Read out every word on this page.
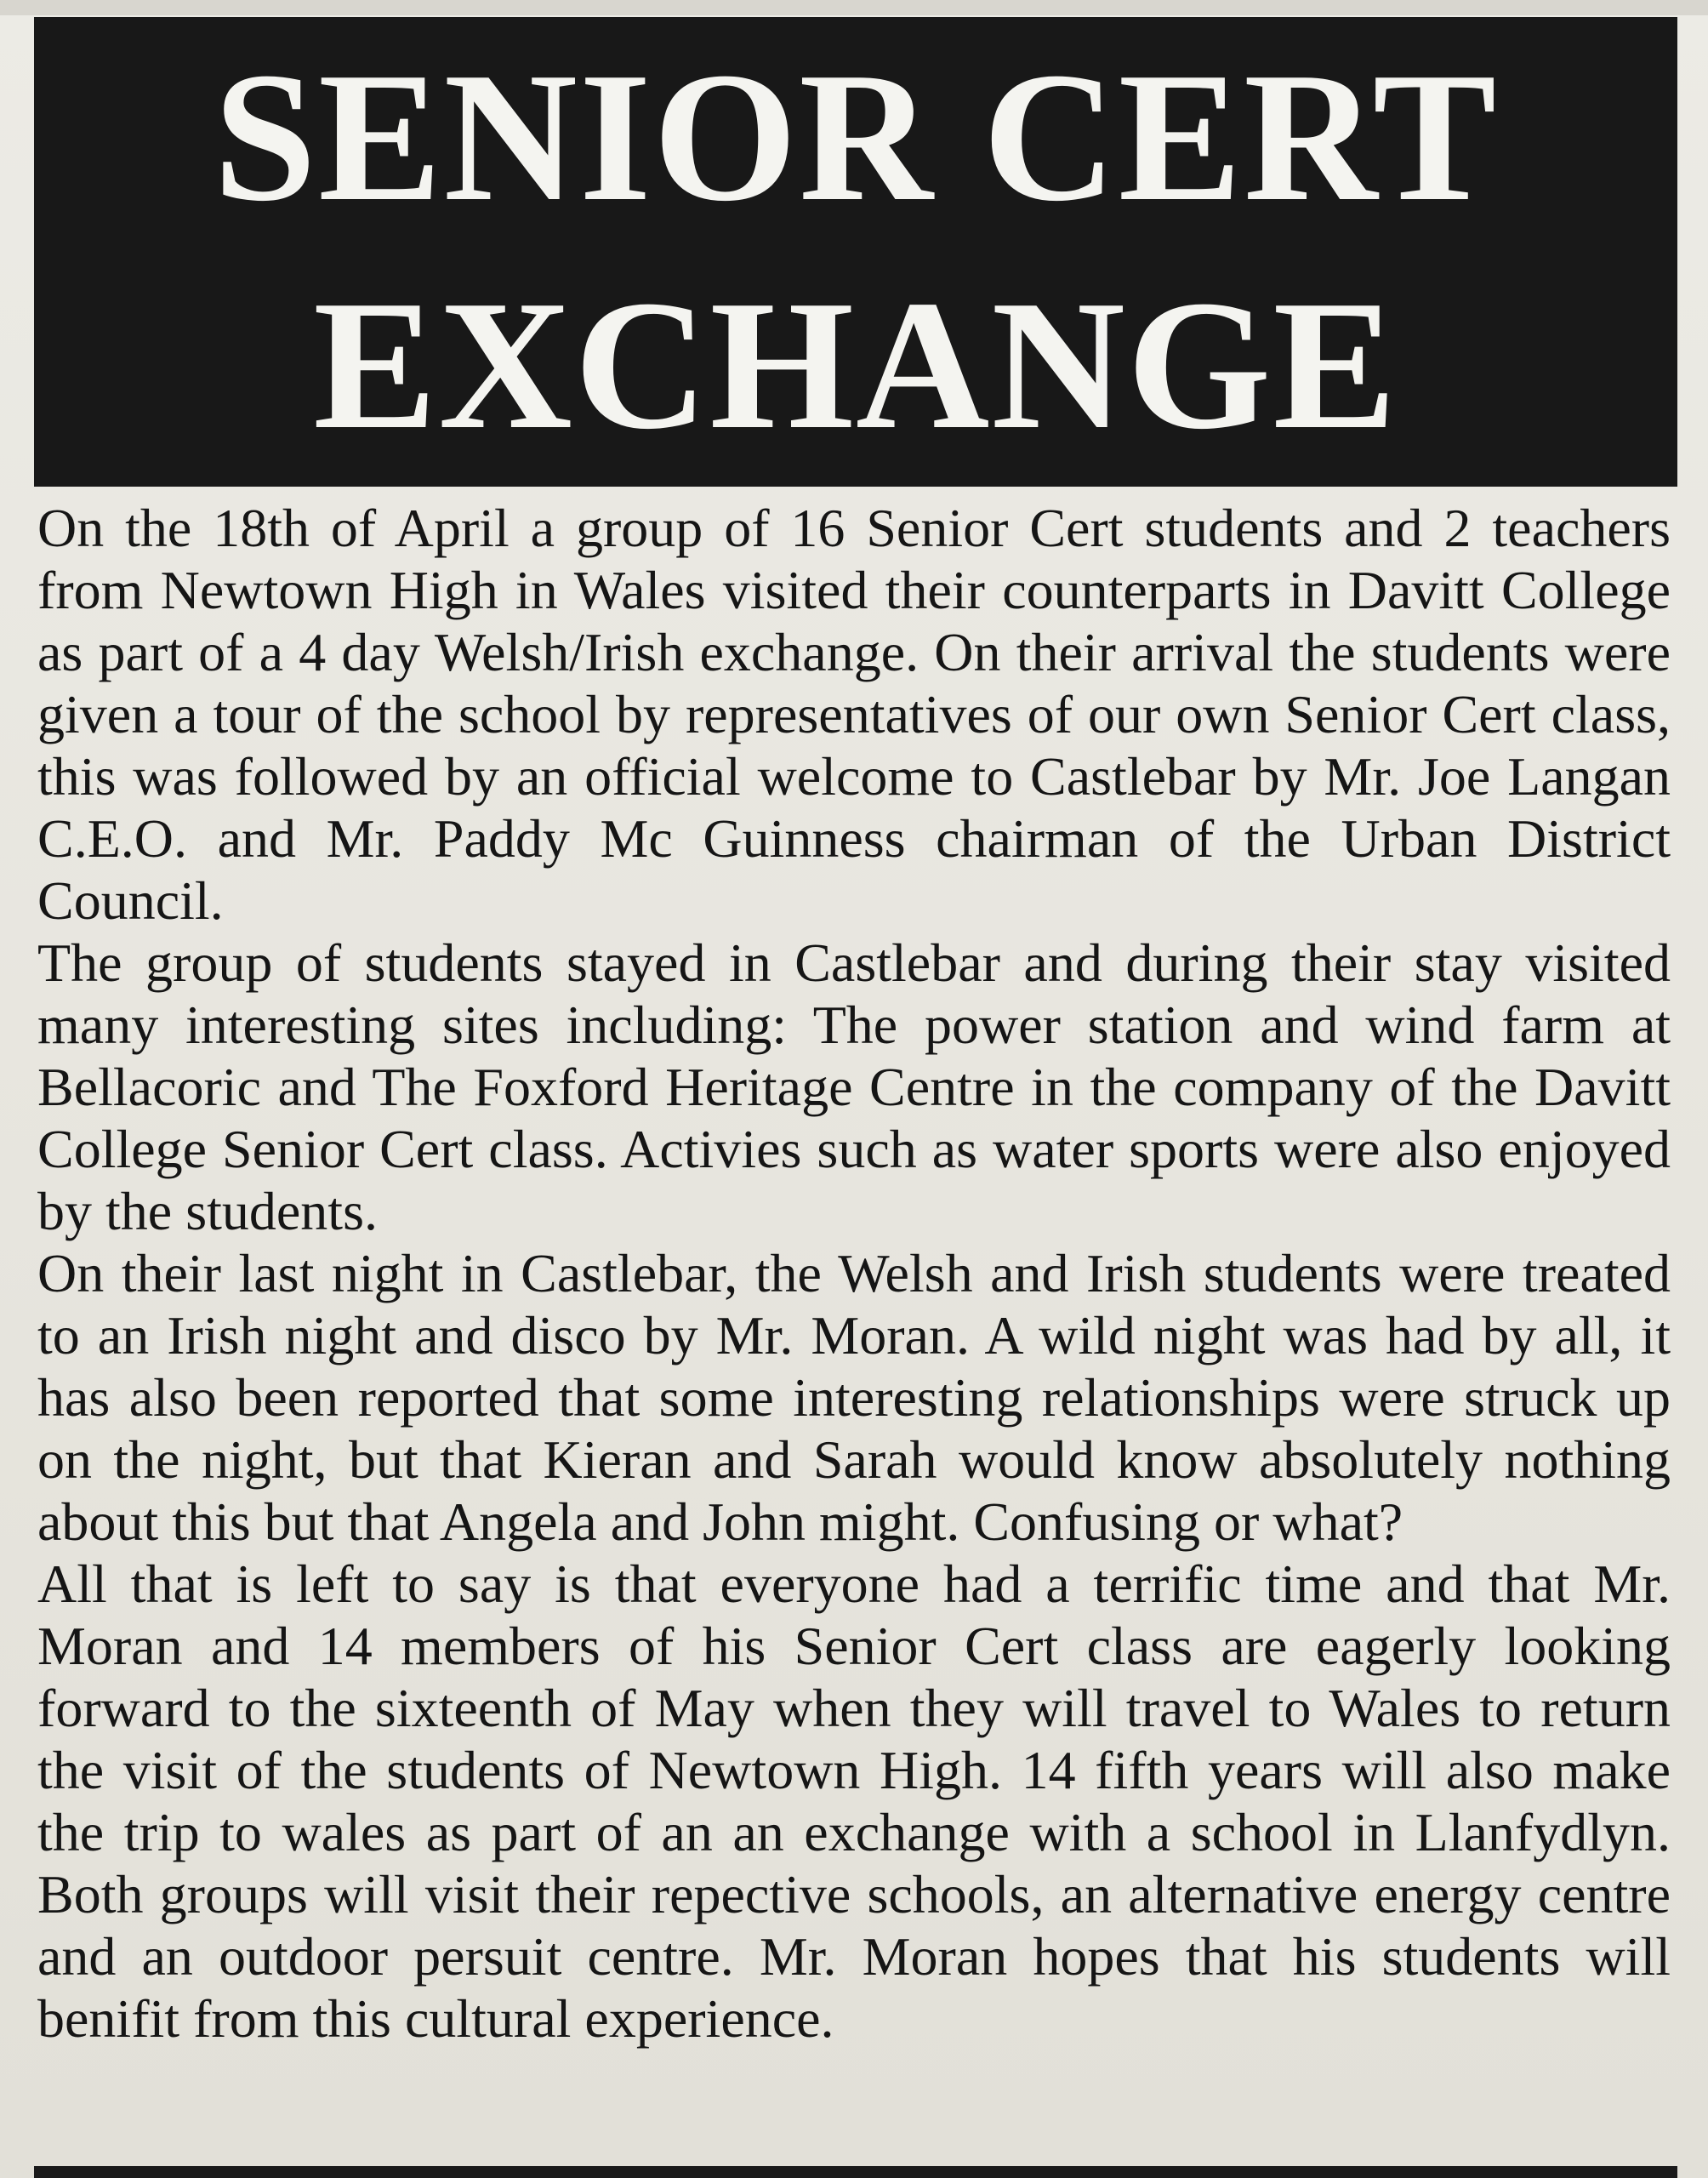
SENIOR CERT
EXCHANGE

On the 18th of April a group of 16 Senior Cert students and 2 teachers from Newtown High in Wales visited their counterparts in Davitt College as part of a 4 day Welsh/Irish exchange. On their arrival the students were given a tour of the school by representatives of our own Senior Cert class, this was followed by an official welcome to Castlebar by Mr. Joe Langan C.E.O. and Mr. Paddy Mc Guinness chairman of the Urban District Council.

The group of students stayed in Castlebar and during their stay visited many interesting sites including: The power station and wind farm at Bellacoric and The Foxford Heritage Centre in the company of the Davitt College Senior Cert class. Activies such as water sports were also enjoyed by the students.

On their last night in Castlebar, the Welsh and Irish students were treated to an Irish night and disco by Mr. Moran. A wild night was had by all, it has also been reported that some interesting relationships were struck up on the night, but that Kieran and Sarah would know absolutely nothing about this but that Angela and John might. Confusing or what?

All that is left to say is that everyone had a terrific time and that Mr. Moran and 14 members of his Senior Cert class are eagerly looking forward to the sixteenth of May when they will travel to Wales to return the visit of the students of Newtown High. 14 fifth years will also make the trip to wales as part of an an exchange with a school in Llanfydlyn. Both groups will visit their repective schools, an alternative energy centre and an outdoor persuit centre. Mr. Moran hopes that his students will benifit from this cultural experience.
